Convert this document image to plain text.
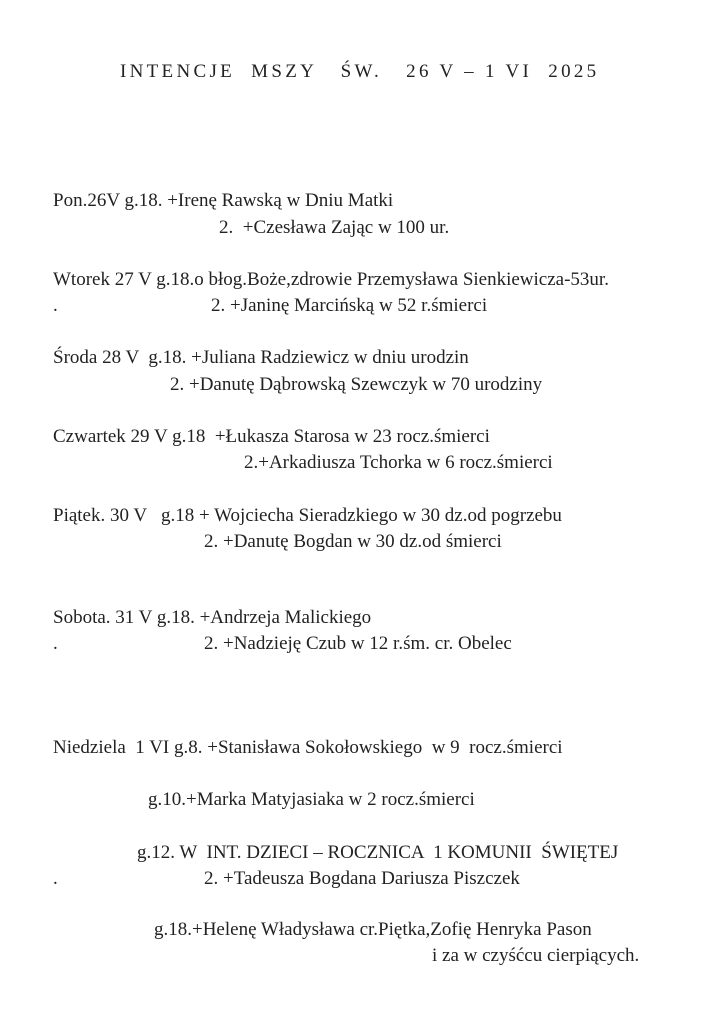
INTENCJE  MSZY   ŚW.   26 V – 1 VI  2025
Pon.26V g.18. +Irenę Rawską w Dniu Matki
2.  +Czesława Zając w 100 ur.
Wtorek 27 V g.18.o błog.Boże,zdrowie Przemysława Sienkiewicza-53ur.
.	2. +Janinę Marcińską w 52 r.śmierci
Środa 28 V  g.18. +Juliana Radziewicz w dniu urodzin
2. +Danutę Dąbrowską Szewczyk w 70 urodziny
Czwartek 29 V g.18  +Łukasza Starosa w 23 rocz.śmierci
2.+Arkadiusza Tchorka w 6 rocz.śmierci
Piątek. 30 V   g.18 + Wojciecha Sieradzkiego w 30 dz.od pogrzebu
2. +Danutę Bogdan w 30 dz.od śmierci
Sobota. 31 V g.18. +Andrzeja Malickiego
.	2. +Nadzieję Czub w 12 r.śm. cr. Obelec
Niedziela  1 VI g.8. +Stanisława Sokołowskiego  w 9  rocz.śmierci
g.10.+Marka Matyjasiaka w 2 rocz.śmierci
g.12. W  INT. DZIECI – ROCZNICA  1 KOMUNII  ŚWIĘTEJ
.	2. +Tadeusza Bogdana Dariusza Piszczek
g.18.+Helenę Władysława cr.Piętka,Zofię Henryka Pason
i za w czyśćcu cierpiących.
